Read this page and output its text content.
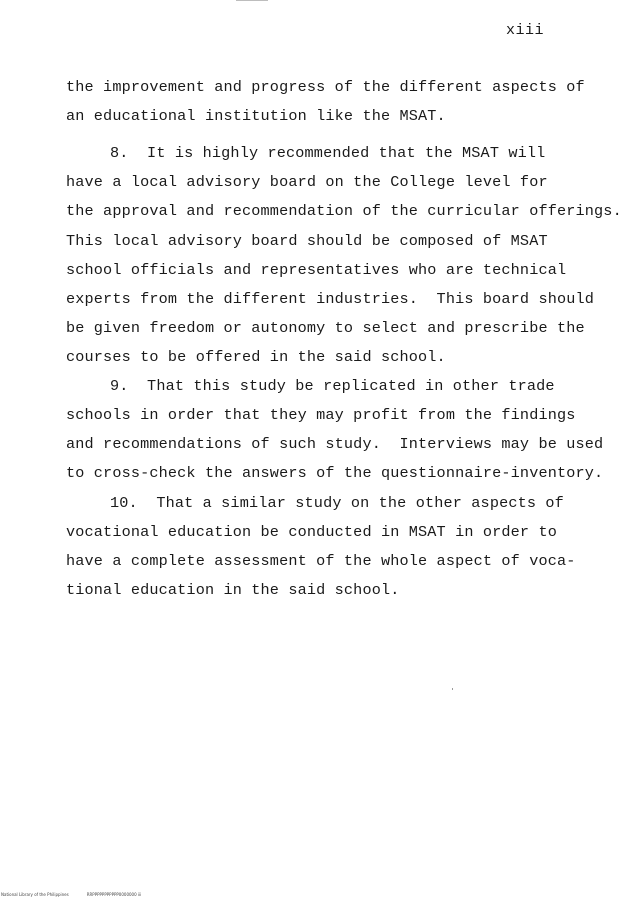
xiii
the improvement and progress of the different aspects of
an educational institution like the MSAT.
8.  It is highly recommended that the MSAT will
have a local advisory board on the College level for
the approval and recommendation of the curricular offerings.
This local advisory board should be composed of MSAT
school officials and representatives who are technical
experts from the different industries.  This board should
be given freedom or autonomy to select and prescribe the
courses to be offered in the said school.
9.  That this study be replicated in other trade
schools in order that they may profit from the findings
and recommendations of such study.  Interviews may be used
to cross-check the answers of the questionnaire-inventory.
10.  That a similar study on the other aspects of
vocational education be conducted in MSAT in order to
have a complete assessment of the whole aspect of voca-
tional education in the said school.
National Library of the Philippines	RRPPPPPPPPPPP0000000 iii
